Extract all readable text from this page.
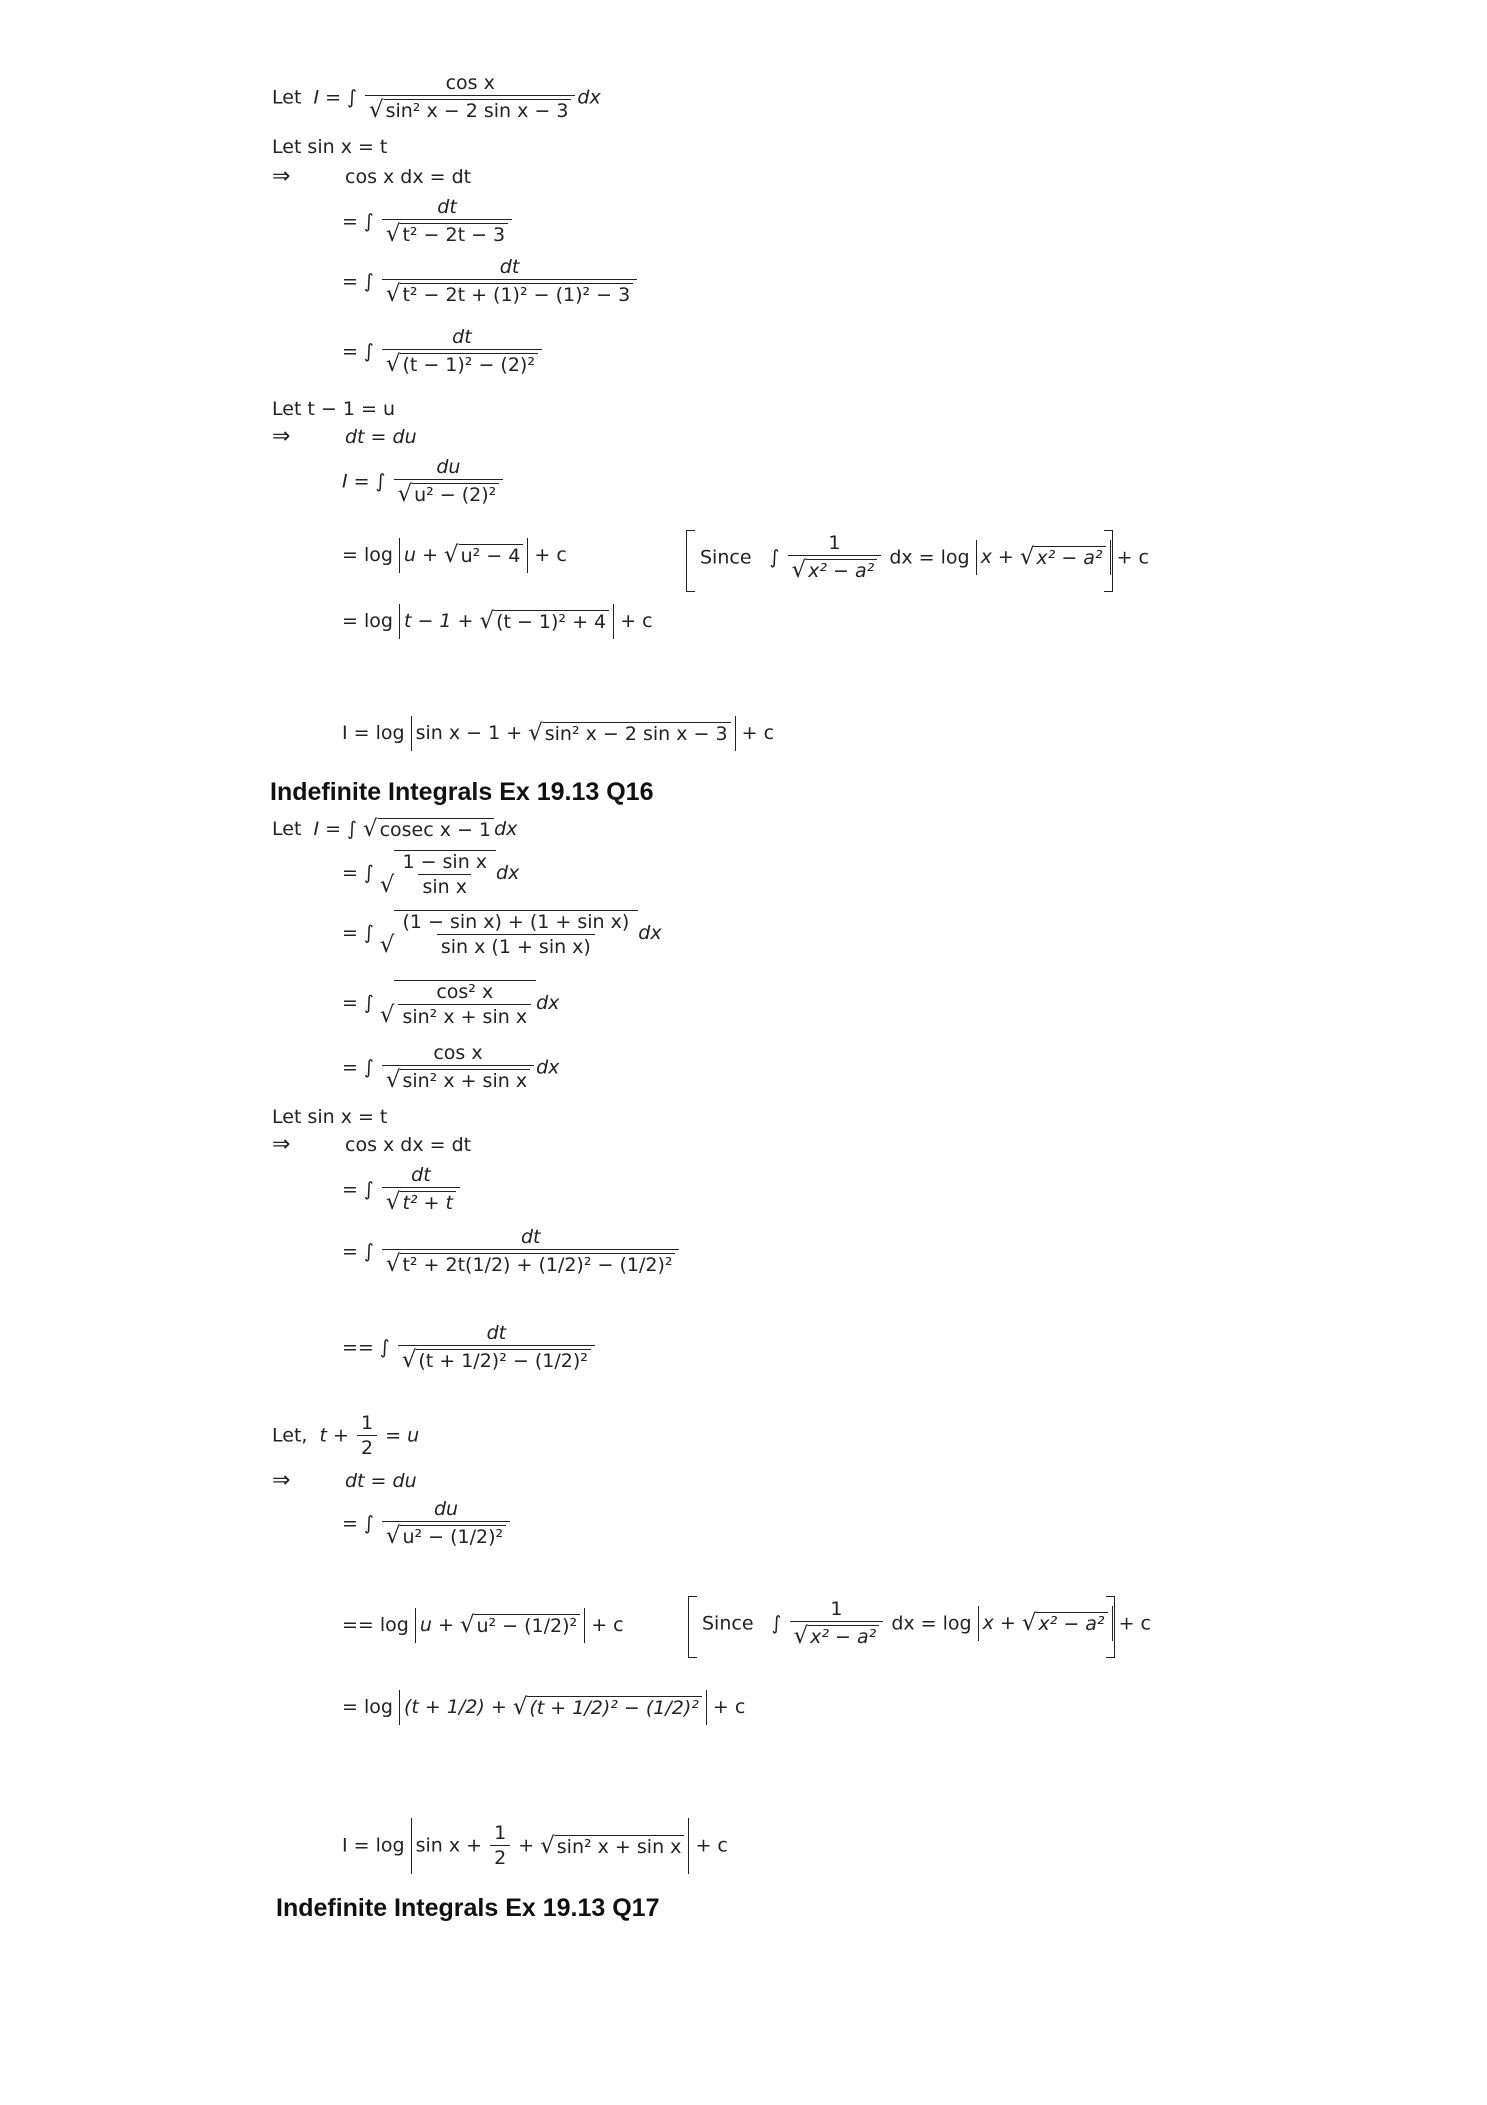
Let I = ∫ $\frac{\text{cos x}}{\text{√ sin² x − 2 sin x − 3}}$ dx
Let sin x = t
⇒	cos x dx = dt
= ∫ $\frac{dt}{\text{√ t² − 2t − 3}}$
= ∫ $\frac{dt}{\text{√ t² − 2t + (1)² − (1)² − 3}}$
= ∫ $\frac{dt}{\text{√ (t − 1)² − (2)²}}$
Let t − 1 = u
⇒	dt = du
I = ∫ $\frac{du}{\text{√ u² − (2)²}}$
= log u + √ u² − 4 + c	Since ∫ $\frac{1}{\text{√ x² − a²}}$ dx = log x + √ x² − a² + c
= log t − 1 + √ (t − 1)² + 4 + c
I = log sin x − 1 + √ sin² x − 2 sin x − 3 + c
Indefinite Integrals Ex 19.13 Q16
Let I = ∫ √ cosec x − 1 dx
= ∫ √ $\frac{\text{1 − sin x}}{\text{sin x}}$ dx
= ∫ √ $\frac{\text{(1 − sin x) + (1 + sin x)}}{\text{sin x (1 + sin x)}}$ dx
= ∫ √ $\frac{\text{cos² x}}{\text{sin² x + sin x}}$ dx
= ∫ $\frac{\text{cos x}}{\text{√ sin² x + sin x}}$ dx
Let sin x = t
⇒	cos x dx = dt
= ∫ $\frac{dt}{\text{√ t² + t}}$
= ∫ $\frac{dt}{\text{√ t² + 2t(1/2) + (1/2)² − (1/2)²}}$
== ∫ $\frac{dt}{\text{√ (t + 1/2)² − (1/2)²}}$
Let, $t + \frac{1}{2} = u$
⇒	dt = du
= ∫ $\frac{du}{\text{√ u² − (1/2)²}}$
== log u + √ u² − (1/2)² + c	Since ∫ $\frac{1}{\text{√ x² − a²}}$ dx = log x + √ x² − a² + c
= log (t + 1/2) + √ (t + 1/2)² − (1/2)² + c
$I = \log \sin x + \frac{1}{2}$ + √ sin² x + sin x + c
Indefinite Integrals Ex 19.13 Q17
